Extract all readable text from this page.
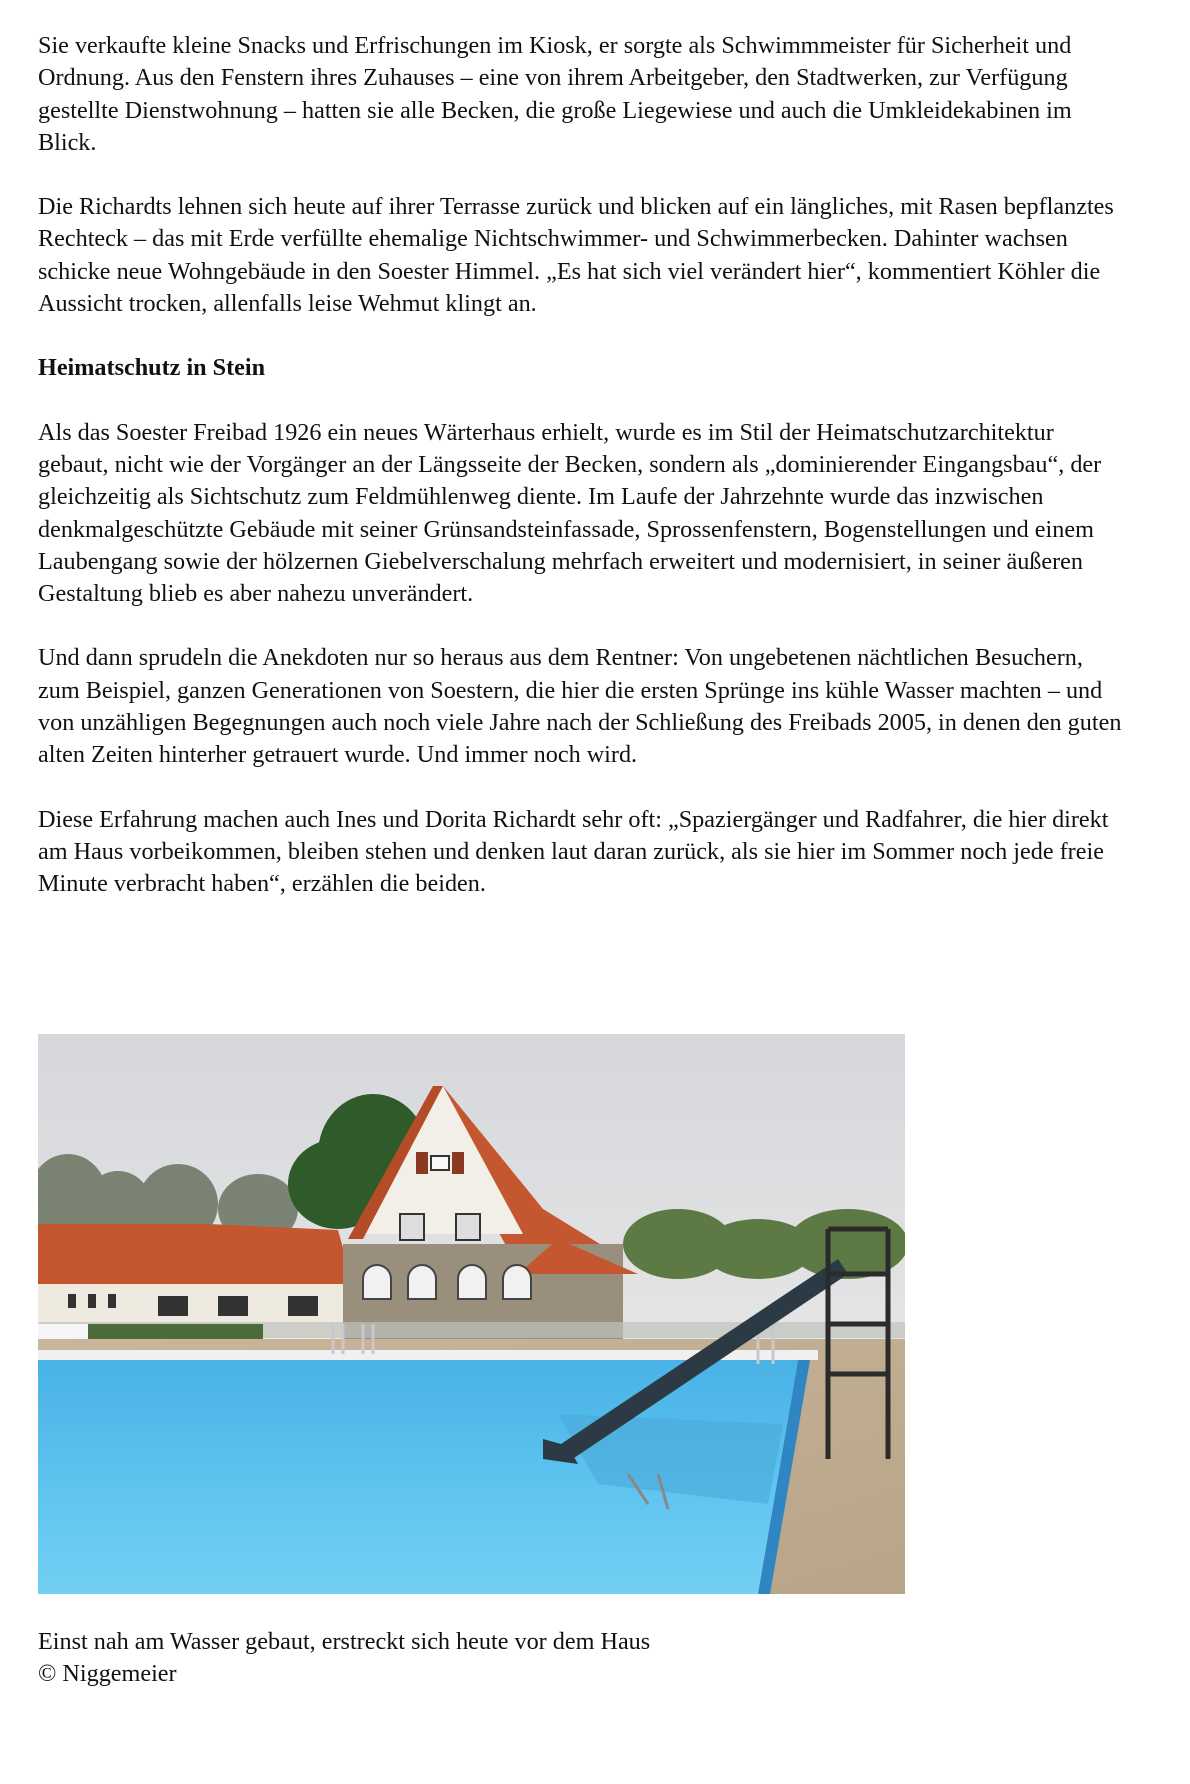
Sie verkaufte kleine Snacks und Erfrischungen im Kiosk, er sorgte als Schwimmmeister für Sicherheit und Ordnung. Aus den Fenstern ihres Zuhauses – eine von ihrem Arbeitgeber, den Stadtwerken, zur Verfügung gestellte Dienstwohnung – hatten sie alle Becken, die große Liegewiese und auch die Umkleidekabinen im Blick.

Die Richardts lehnen sich heute auf ihrer Terrasse zurück und blicken auf ein längliches, mit Rasen bepflanztes Rechteck – das mit Erde verfüllte ehemalige Nichtschwimmer- und Schwimmerbecken. Dahinter wachsen schicke neue Wohngebäude in den Soester Himmel. „Es hat sich viel verändert hier“, kommentiert Köhler die Aussicht trocken, allenfalls leise Wehmut klingt an.

Heimatschutz in Stein

Als das Soester Freibad 1926 ein neues Wärterhaus erhielt, wurde es im Stil der Heimatschutzarchitektur gebaut, nicht wie der Vorgänger an der Längsseite der Becken, sondern als „dominierender Eingangsbau“, der gleichzeitig als Sichtschutz zum Feldmühlenweg diente. Im Laufe der Jahrzehnte wurde das inzwischen denkmalgeschützte Gebäude mit seiner Grünsandsteinfassade, Sprossenfenstern, Bogenstellungen und einem Laubengang sowie der hölzernen Giebelverschalung mehrfach erweitert und modernisiert, in seiner äußeren Gestaltung blieb es aber nahezu unverändert.

Und dann sprudeln die Anekdoten nur so heraus aus dem Rentner: Von ungebetenen nächtlichen Besuchern, zum Beispiel, ganzen Generationen von Soestern, die hier die ersten Sprünge ins kühle Wasser machten – und von unzähligen Begegnungen auch noch viele Jahre nach der Schließung des Freibads 2005, in denen den guten alten Zeiten hinterher getrauert wurde. Und immer noch wird.

Diese Erfahrung machen auch Ines und Dorita Richardt sehr oft: „Spaziergänger und Radfahrer, die hier direkt am Haus vorbeikommen, bleiben stehen und denken laut daran zurück, als sie hier im Sommer noch jede freie Minute verbracht haben“, erzählen die beiden.

Einst nah am Wasser gebaut, erstreckt sich heute vor dem Haus
© Niggemeier
